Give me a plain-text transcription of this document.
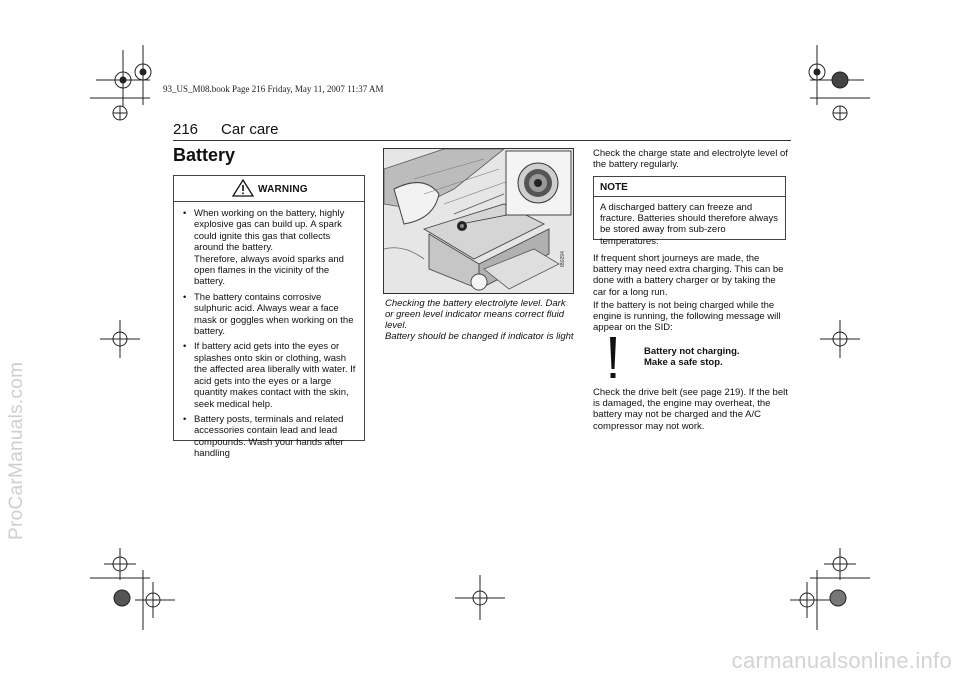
93_US_M08.book Page 216 Friday, May 11, 2007 11:37 AM
216 Car care
Battery
WARNING
• When working on the battery, highly explosive gas can build up. A spark could ignite this gas that collects around the battery.
Therefore, always avoid sparks and open flames in the vicinity of the battery.
• The battery contains corrosive sulphuric acid. Always wear a face mask or goggles when working on the battery.
• If battery acid gets into the eyes or splashes onto skin or clothing, wash the affected area liberally with water. If acid gets into the eyes or a large quantity makes contact with the skin, seek medical help.
• Battery posts, terminals and related accessories contain lead and lead compounds. Wash your hands after handling
IB0294
Checking the battery electrolyte level. Dark or green level indicator means correct fluid level.
Battery should be changed if indicator is light
Check the charge state and electrolyte level of the battery regularly.
NOTE
A discharged battery can freeze and fracture. Batteries should therefore always be stored away from sub-zero temperatures.
If frequent short journeys are made, the battery may need extra charging. This can be done with a battery charger or by taking the car for a long run.
If the battery is not being charged while the engine is running, the following message will appear on the SID:
Battery not charging.
Make a safe stop.
Check the drive belt (see page 219). If the belt is damaged, the engine may overheat, the battery may not be charged and the A/C compressor may not work.
ProCarManuals.com
carmanualsonline.info
